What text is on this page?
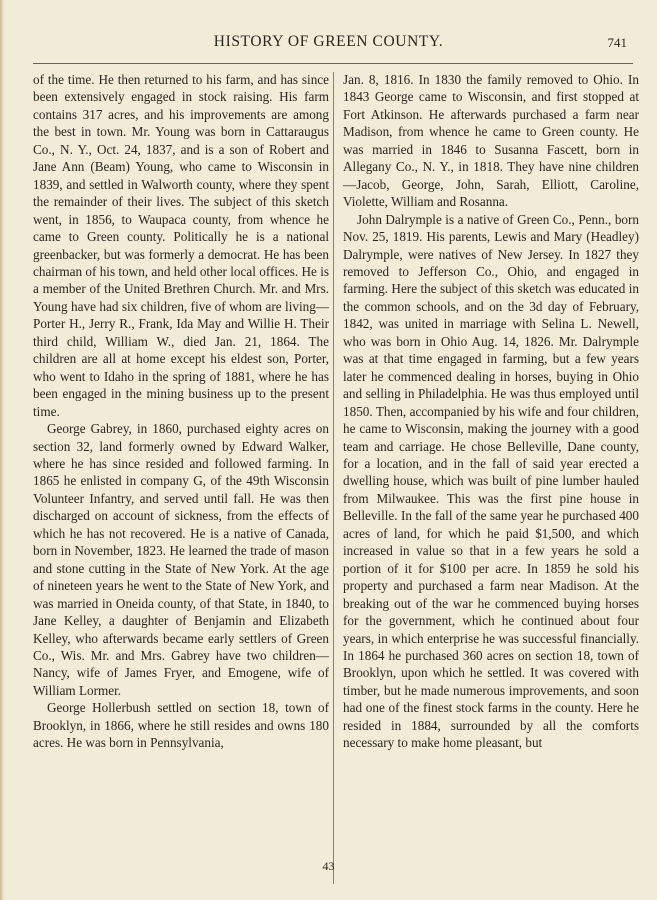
HISTORY OF GREEN COUNTY.	741

of the time. He then returned to his farm, and has since been extensively engaged in stock raising. His farm contains 317 acres, and his improvements are among the best in town. Mr. Young was born in Cattaraugus Co., N. Y., Oct. 24, 1837, and is a son of Robert and Jane Ann (Beam) Young, who came to Wisconsin in 1839, and settled in Walworth county, where they spent the remainder of their lives. The subject of this sketch went, in 1856, to Waupaca county, from whence he came to Green county. Politically he is a national greenbacker, but was formerly a democrat. He has been chairman of his town, and held other local offices. He is a member of the United Brethren Church. Mr. and Mrs. Young have had six children, five of whom are living—Porter H., Jerry R., Frank, Ida May and Willie H. Their third child, William W., died Jan. 21, 1864. The children are all at home except his eldest son, Porter, who went to Idaho in the spring of 1881, where he has been engaged in the mining business up to the present time.

George Gabrey, in 1860, purchased eighty acres on section 32, land formerly owned by Edward Walker, where he has since resided and followed farming. In 1865 he enlisted in company G, of the 49th Wisconsin Volunteer Infantry, and served until fall. He was then discharged on account of sickness, from the effects of which he has not recovered. He is a native of Canada, born in November, 1823. He learned the trade of mason and stone cutting in the State of New York. At the age of nineteen years he went to the State of New York, and was married in Oneida county, of that State, in 1840, to Jane Kelley, a daughter of Benjamin and Elizabeth Kelley, who afterwards became early settlers of Green Co., Wis. Mr. and Mrs. Gabrey have two children—Nancy, wife of James Fryer, and Emogene, wife of William Lormer.

George Hollerbush settled on section 18, town of Brooklyn, in 1866, where he still resides and owns 180 acres. He was born in Pennsylvania,

Jan. 8, 1816. In 1830 the family removed to Ohio. In 1843 George came to Wisconsin, and first stopped at Fort Atkinson. He afterwards purchased a farm near Madison, from whence he came to Green county. He was married in 1846 to Susanna Fascett, born in Allegany Co., N. Y., in 1818. They have nine children—Jacob, George, John, Sarah, Elliott, Caroline, Violette, William and Rosanna.

John Dalrymple is a native of Green Co., Penn., born Nov. 25, 1819. His parents, Lewis and Mary (Headley) Dalrymple, were natives of New Jersey. In 1827 they removed to Jefferson Co., Ohio, and engaged in farming. Here the subject of this sketch was educated in the common schools, and on the 3d day of February, 1842, was united in marriage with Selina L. Newell, who was born in Ohio Aug. 14, 1826. Mr. Dalrymple was at that time engaged in farming, but a few years later he commenced dealing in horses, buying in Ohio and selling in Philadelphia. He was thus employed until 1850. Then, accompanied by his wife and four children, he came to Wisconsin, making the journey with a good team and carriage. He chose Belleville, Dane county, for a location, and in the fall of said year erected a dwelling house, which was built of pine lumber hauled from Milwaukee. This was the first pine house in Belleville. In the fall of the same year he purchased 400 acres of land, for which he paid $1,500, and which increased in value so that in a few years he sold a portion of it for $100 per acre. In 1859 he sold his property and purchased a farm near Madison. At the breaking out of the war he commenced buying horses for the government, which he continued about four years, in which enterprise he was successful financially. In 1864 he purchased 360 acres on section 18, town of Brooklyn, upon which he settled. It was covered with timber, but he made numerous improvements, and soon had one of the finest stock farms in the county. Here he resided in 1884, surrounded by all the comforts necessary to make home pleasant, but

43
